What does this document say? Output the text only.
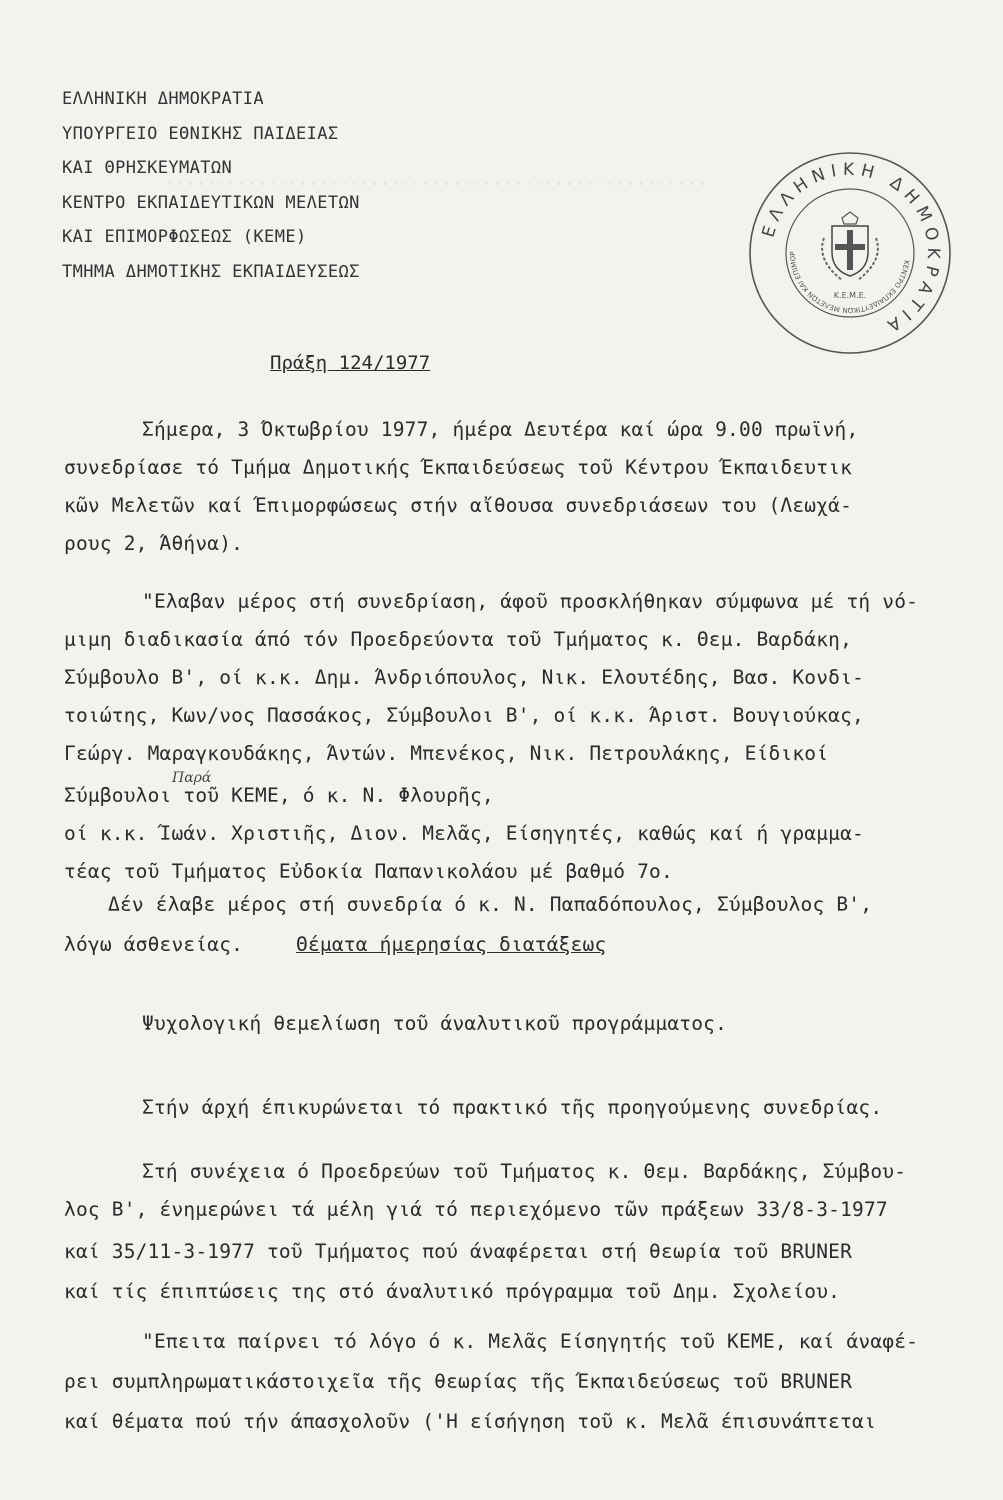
.....................................................
ΕΛΛΗΝΙΚΗ ΔΗΜΟΚΡΑΤΙΑ
ΥΠΟΥΡΓΕΙΟ ΕΘΝΙΚΗΣ ΠΑΙΔΕΙΑΣ
ΚΑΙ ΘΡΗΣΚΕΥΜΑΤΩΝ
ΚΕΝΤΡΟ ΕΚΠΑΙΔΕΥΤΙΚΩΝ ΜΕΛΕΤΩΝ
ΚΑΙ ΕΠΙΜΟΡΦΩΣΕΩΣ (ΚΕΜΕ)
ΤΜΗΜΑ ΔΗΜΟΤΙΚΗΣ ΕΚΠΑΙΔΕΥΣΕΩΣ
ΕΛΛΗΝΙΚΗ ΔΗΜΟΚΡΑΤΙΑ
ΚΕΝΤΡΟ ΕΚΠΑΙΔΕΥΤΙΚΩΝ ΜΕΛΕΤΩΝ ΚΑΙ ΕΠΙΜΟΡ
Κ.Ε.Μ.Ε.
Πράξη 124/1977
Σήμερα, 3 Όκτωβρίου 1977, ήμέρα Δευτέρα καί ώρα 9.00 πρωϊνή,
συνεδρίασε τό Τμήμα Δημοτικής Έκπαιδεύσεως τοῦ Κέντρου Έκπαιδευτικ
κῶν Μελετῶν καί Έπιμορφώσεως στήν αἴθουσα συνεδριάσεων του (Λεωχά-
ρους 2, Άθήνα).
"Ελαβαν μέρος στή συνεδρίαση, άφοῦ προσκλήθηκαν σύμφωνα μέ τή νό-
μιμη διαδικασία άπό τόν Προεδρεύοντα τοῦ Τμήματος κ. Θεμ. Βαρδάκη,
Σύμβουλο Β', οί κ.κ. Δημ. Άνδριόπουλος, Νικ. Ελουτέδης, Βασ. Κονδι-
τοιώτης, Κων/νος Πασσάκος, Σύμβουλοι Β', οί κ.κ. Άριστ. Βουγιούκας,
Γεώργ. Μαραγκουδάκης, Άντών. Μπενέκος, Νικ. Πετρουλάκης, Είδικοί
Παρά
Σύμβουλοι τοῦ ΚΕΜΕ, ό κ. Ν. Φλουρῆς,
οί κ.κ. Ίωάν. Χριστιῆς, Διον. Μελᾶς, Είσηγητές, καθώς καί ή γραμμα-
τέας τοῦ Τμήματος Εὐδοκία Παπανικολάου μέ βαθμό 7ο.
Δέν έλαβε μέρος στή συνεδρία ό κ. Ν. Παπαδόπουλος, Σύμβουλος Β',
λόγω άσθενείας.	Θέματα ήμερησίας διατάξεως
Ψυχολογική θεμελίωση τοῦ άναλυτικοῦ προγράμματος.
Στήν άρχή έπικυρώνεται τό πρακτικό τῆς προηγούμενης συνεδρίας.
Στή συνέχεια ό Προεδρεύων τοῦ Τμήματος κ. Θεμ. Βαρδάκης, Σύμβου-
λος Β', ένημερώνει τά μέλη γιά τό περιεχόμενο τῶν πράξεων 33/8-3-1977
καί 35/11-3-1977 τοῦ Τμήματος πού άναφέρεται στή θεωρία τοῦ BRUNER
καί τίς έπιπτώσεις της στό άναλυτικό πρόγραμμα τοῦ Δημ. Σχολείου.
"Επειτα παίρνει τό λόγο ό κ. Μελᾶς Είσηγητής τοῦ ΚΕΜΕ, καί άναφέ-
ρει συμπληρωματικάστοιχεῖα τῆς θεωρίας τῆς Έκπαιδεύσεως τοῦ BRUNER
καί θέματα πού τήν άπασχολοῦν ('Η είσήγηση τοῦ κ. Μελᾶ έπισυνάπτεται
